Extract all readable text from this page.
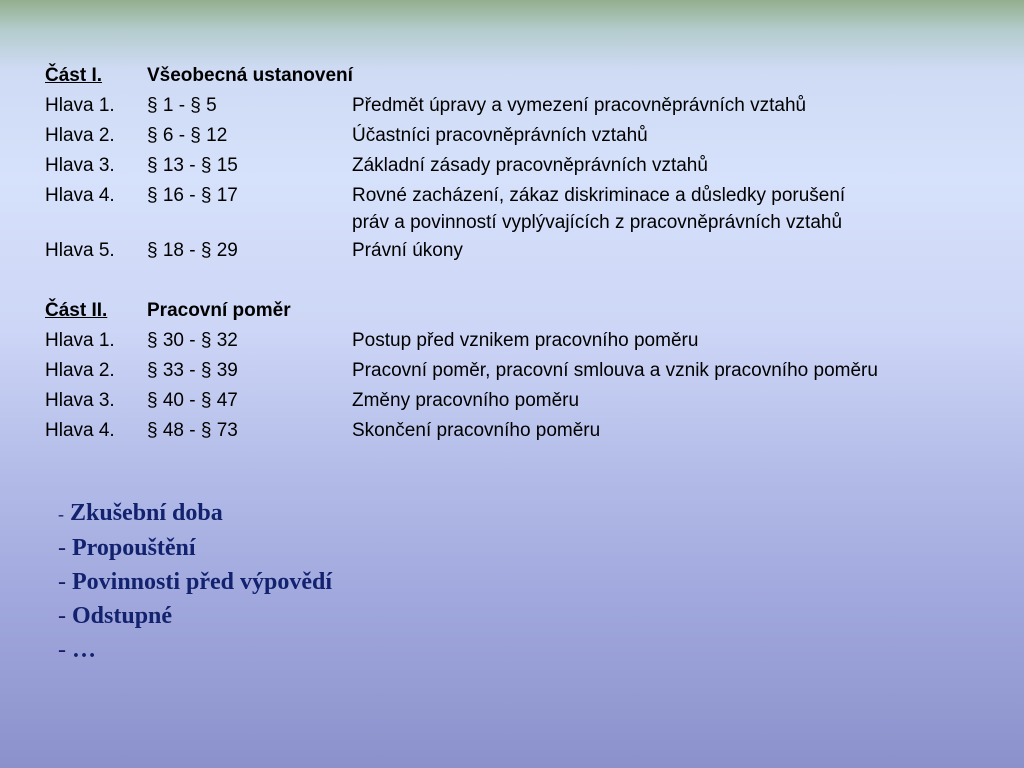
Část I. Všeobecná ustanovení
Hlava 1. § 1 - § 5	Předmět úpravy a vymezení pracovněprávních vztahů
Hlava 2. § 6 - § 12	Účastníci pracovněprávních vztahů
Hlava 3. § 13 - § 15	Základní zásady pracovněprávních vztahů
Hlava 4. § 16 - § 17	Rovné zacházení, zákaz diskriminace a důsledky porušení
práv a povinností vyplývajících z pracovněprávních vztahů
Hlava 5. § 18 - § 29	Právní úkony
Část II. Pracovní poměr
Hlava 1. § 30 - § 32	Postup před vznikem pracovního poměru
Hlava 2. § 33 - § 39	Pracovní poměr, pracovní smlouva a vznik pracovního poměru
Hlava 3. § 40 - § 47	Změny pracovního poměru
Hlava 4. § 48 - § 73	Skončení pracovního poměru
- Zkušební doba
- Propouštění
- Povinnosti před výpovědí
- Odstupné
- …
